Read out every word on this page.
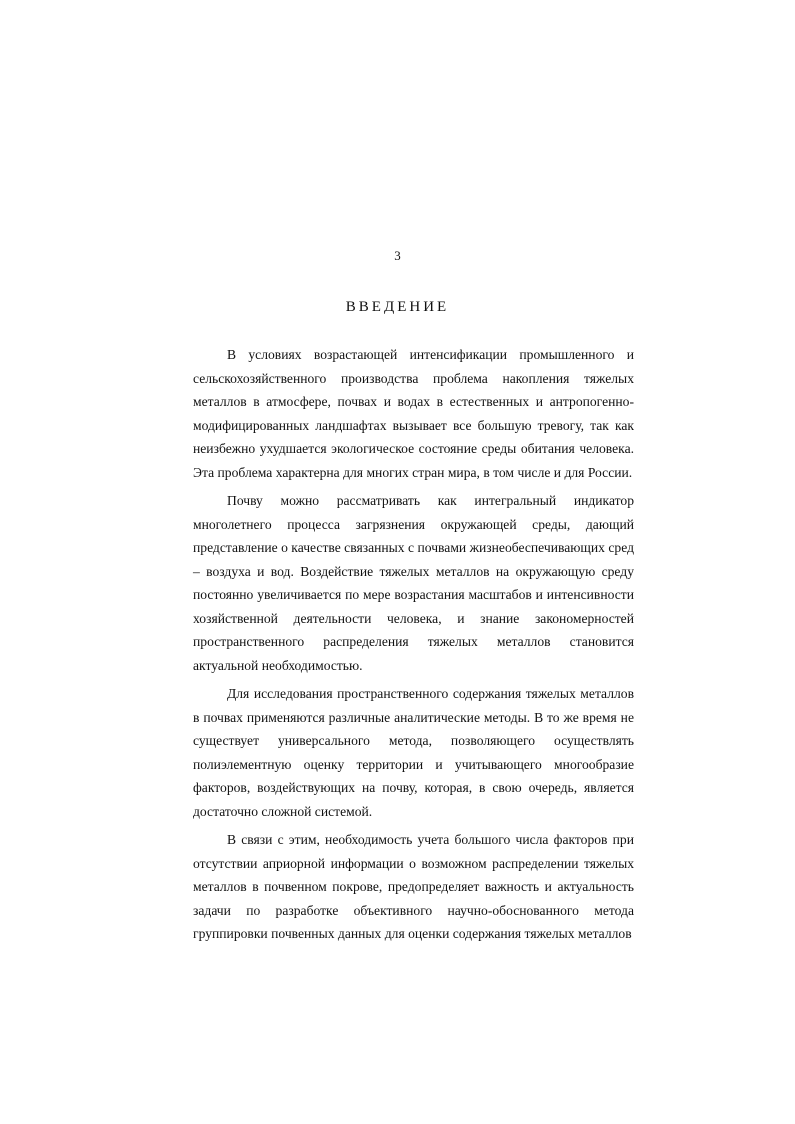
3
ВВЕДЕНИЕ

В условиях возрастающей интенсификации промышленного и сельскохозяйственного производства проблема накопления тяжелых металлов в атмосфере, почвах и водах в естественных и антропогенно-модифицированных ландшафтах вызывает все большую тревогу, так как неизбежно ухудшается экологическое состояние среды обитания человека. Эта проблема характерна для многих стран мира, в том числе и для России.

Почву можно рассматривать как интегральный индикатор многолетнего процесса загрязнения окружающей среды, дающий представление о качестве связанных с почвами жизнеобеспечивающих сред – воздуха и вод. Воздействие тяжелых металлов на окружающую среду постоянно увеличивается по мере возрастания масштабов и интенсивности хозяйственной деятельности человека, и знание закономерностей пространственного распределения тяжелых металлов становится актуальной необходимостью.

Для исследования пространственного содержания тяжелых металлов в почвах применяются различные аналитические методы. В то же время не существует универсального метода, позволяющего осуществлять полиэлементную оценку территории и учитывающего многообразие факторов, воздействующих на почву, которая, в свою очередь, является достаточно сложной системой.

В связи с этим, необходимость учета большого числа факторов при отсутствии априорной информации о возможном распределении тяжелых металлов в почвенном покрове, предопределяет важность и актуальность задачи по разработке объективного научно-обоснованного метода группировки почвенных данных для оценки содержания тяжелых металлов
